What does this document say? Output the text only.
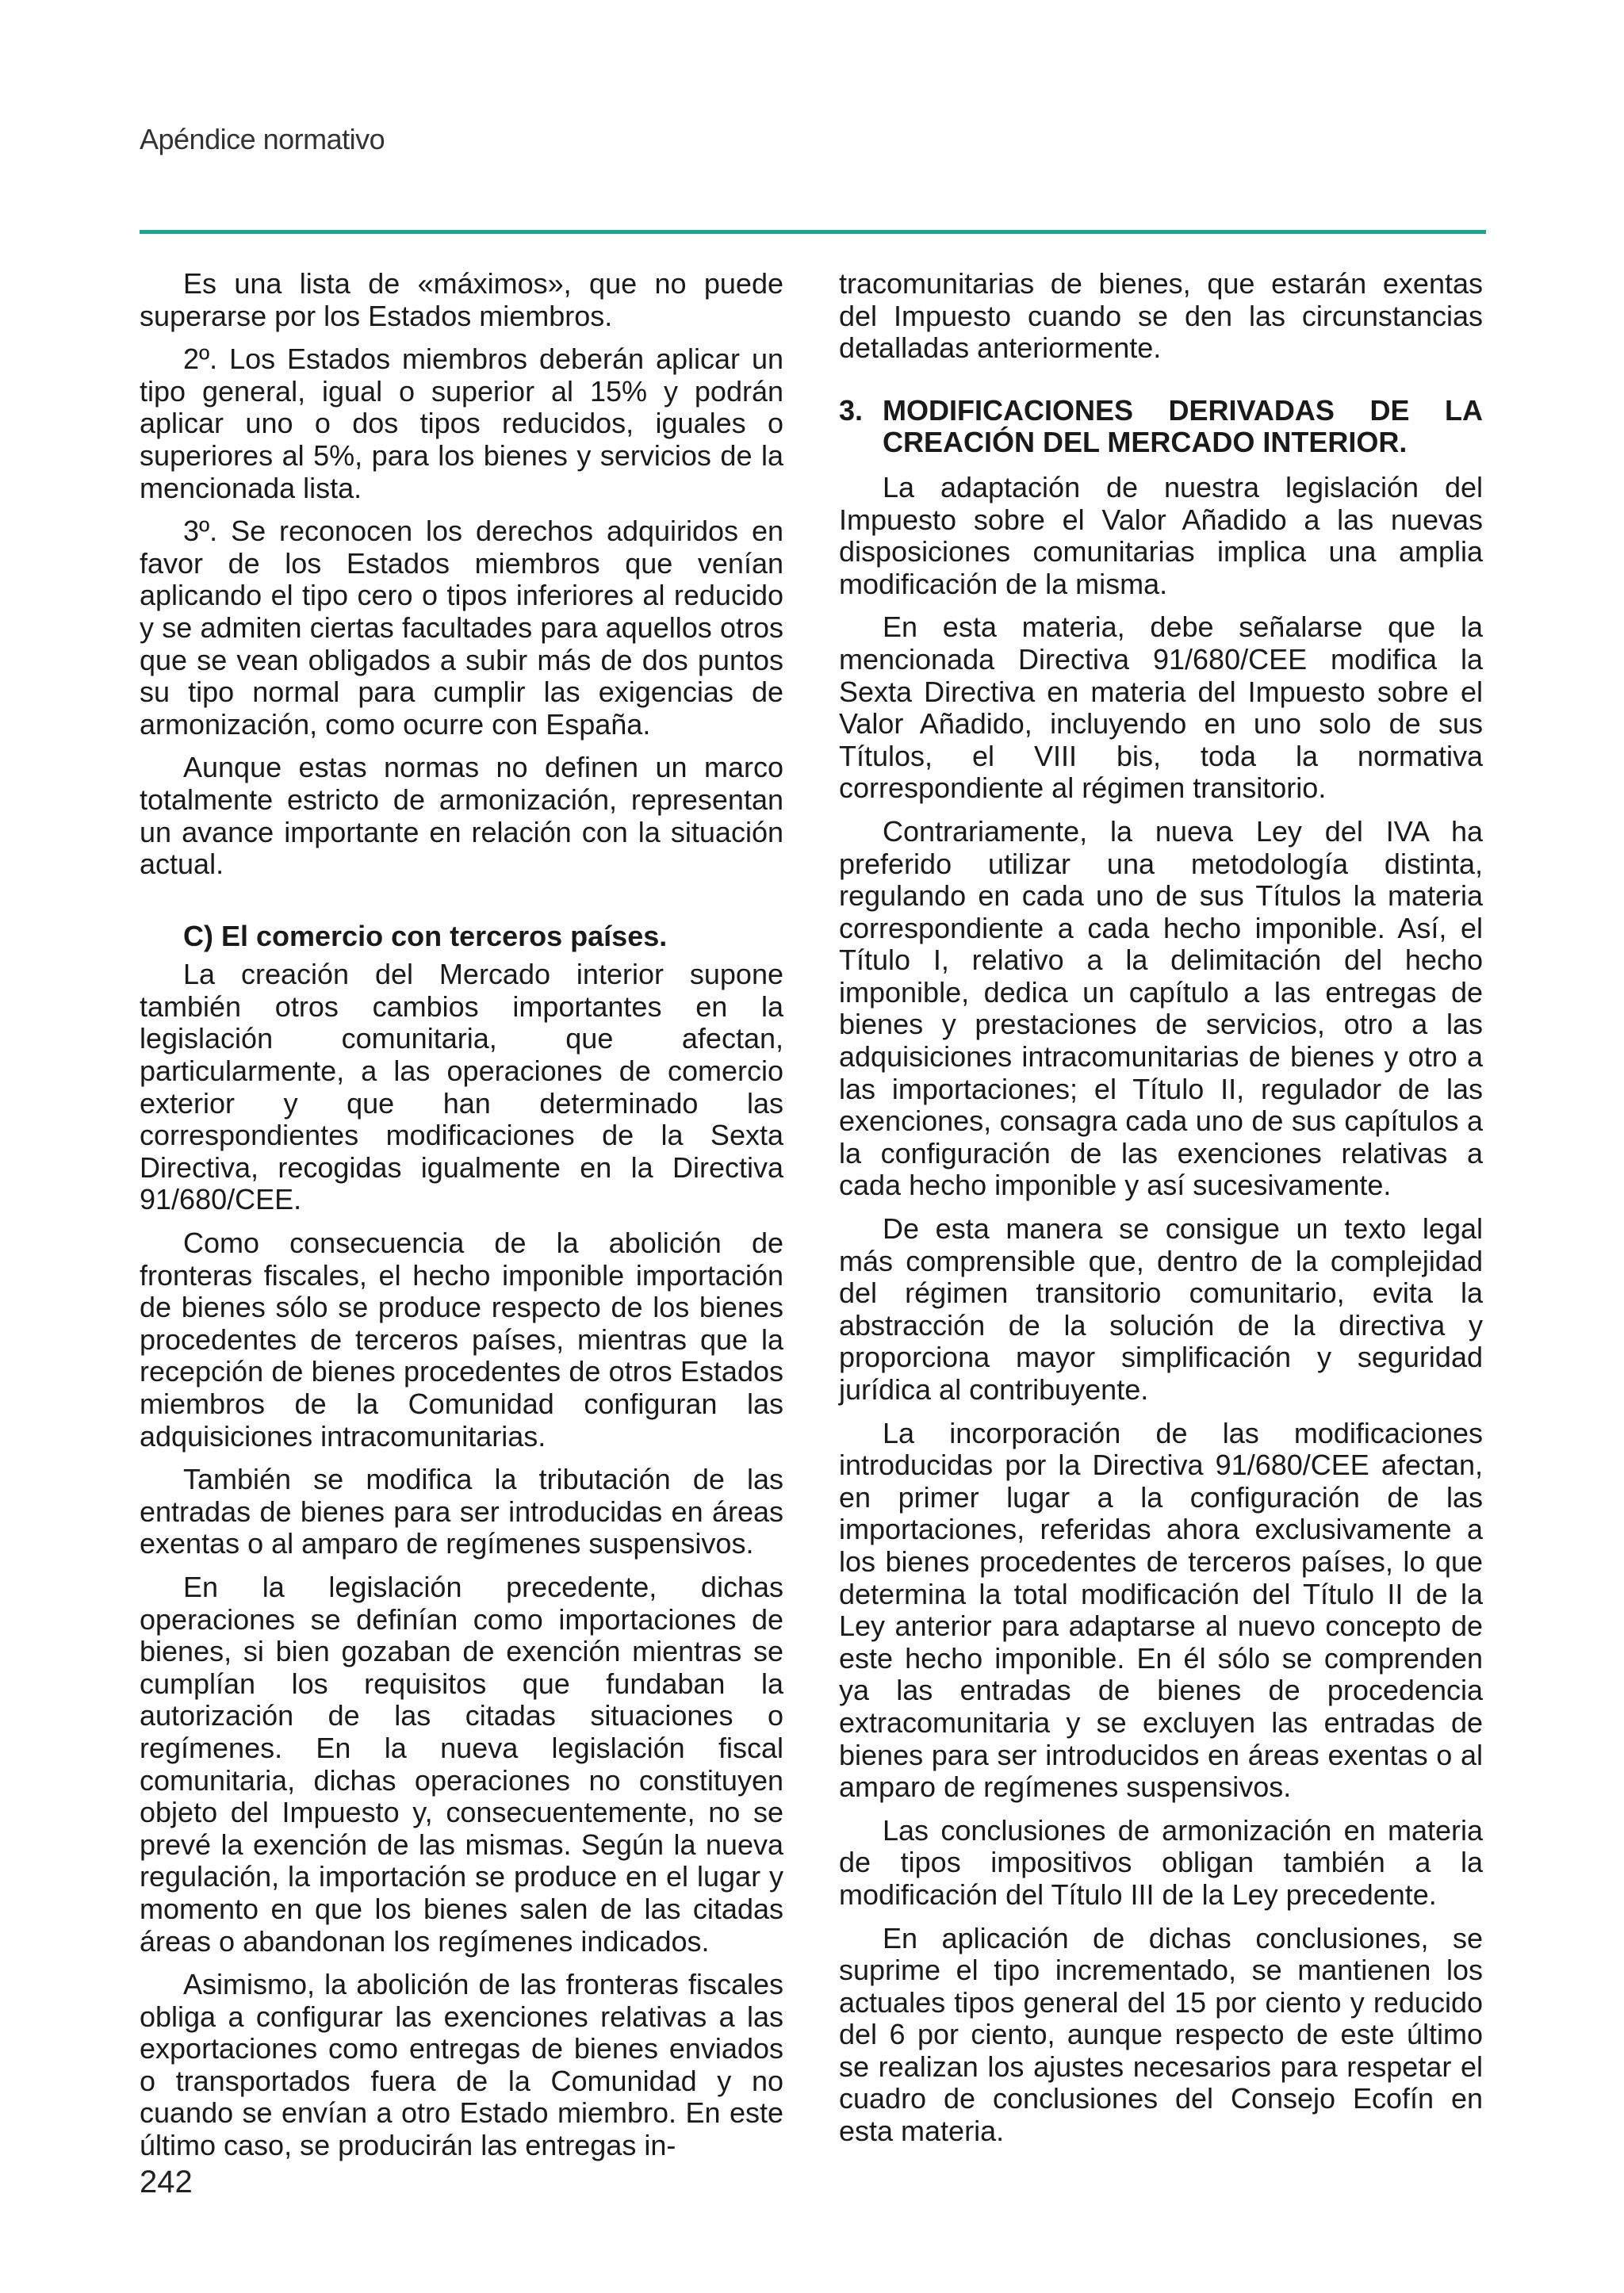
Apéndice normativo

Es una lista de «máximos», que no puede superarse por los Estados miembros.

2º. Los Estados miembros deberán aplicar un tipo general, igual o superior al 15% y podrán aplicar uno o dos tipos reducidos, iguales o superiores al 5%, para los bienes y servicios de la mencionada lista.

3º. Se reconocen los derechos adquiridos en favor de los Estados miembros que venían aplicando el tipo cero o tipos inferiores al reducido y se admiten ciertas facultades para aquellos otros que se vean obligados a subir más de dos puntos su tipo normal para cumplir las exigencias de armonización, como ocurre con España.

Aunque estas normas no definen un marco totalmente estricto de armonización, representan un avance importante en relación con la situación actual.

C) El comercio con terceros países.

La creación del Mercado interior supone también otros cambios importantes en la legislación comunitaria, que afectan, particularmente, a las operaciones de comercio exterior y que han determinado las correspondientes modificaciones de la Sexta Directiva, recogidas igualmente en la Directiva 91/680/CEE.

Como consecuencia de la abolición de fronteras fiscales, el hecho imponible importación de bienes sólo se produce respecto de los bienes procedentes de terceros países, mientras que la recepción de bienes procedentes de otros Estados miembros de la Comunidad configuran las adquisiciones intracomunitarias.

También se modifica la tributación de las entradas de bienes para ser introducidas en áreas exentas o al amparo de regímenes suspensivos.

En la legislación precedente, dichas operaciones se definían como importaciones de bienes, si bien gozaban de exención mientras se cumplían los requisitos que fundaban la autorización de las citadas situaciones o regímenes. En la nueva legislación fiscal comunitaria, dichas operaciones no constituyen objeto del Impuesto y, consecuentemente, no se prevé la exención de las mismas. Según la nueva regulación, la importación se produce en el lugar y momento en que los bienes salen de las citadas áreas o abandonan los regímenes indicados.

Asimismo, la abolición de las fronteras fiscales obliga a configurar las exenciones relativas a las exportaciones como entregas de bienes enviados o transportados fuera de la Comunidad y no cuando se envían a otro Estado miembro. En este último caso, se producirán las entregas in-

tracomunitarias de bienes, que estarán exentas del Impuesto cuando se den las circunstancias detalladas anteriormente.

3. MODIFICACIONES DERIVADAS DE LA CREACIÓN DEL MERCADO INTERIOR.

La adaptación de nuestra legislación del Impuesto sobre el Valor Añadido a las nuevas disposiciones comunitarias implica una amplia modificación de la misma.

En esta materia, debe señalarse que la mencionada Directiva 91/680/CEE modifica la Sexta Directiva en materia del Impuesto sobre el Valor Añadido, incluyendo en uno solo de sus Títulos, el VIII bis, toda la normativa correspondiente al régimen transitorio.

Contrariamente, la nueva Ley del IVA ha preferido utilizar una metodología distinta, regulando en cada uno de sus Títulos la materia correspondiente a cada hecho imponible. Así, el Título I, relativo a la delimitación del hecho imponible, dedica un capítulo a las entregas de bienes y prestaciones de servicios, otro a las adquisiciones intracomunitarias de bienes y otro a las importaciones; el Título II, regulador de las exenciones, consagra cada uno de sus capítulos a la configuración de las exenciones relativas a cada hecho imponible y así sucesivamente.

De esta manera se consigue un texto legal más comprensible que, dentro de la complejidad del régimen transitorio comunitario, evita la abstracción de la solución de la directiva y proporciona mayor simplificación y seguridad jurídica al contribuyente.

La incorporación de las modificaciones introducidas por la Directiva 91/680/CEE afectan, en primer lugar a la configuración de las importaciones, referidas ahora exclusivamente a los bienes procedentes de terceros países, lo que determina la total modificación del Título II de la Ley anterior para adaptarse al nuevo concepto de este hecho imponible. En él sólo se comprenden ya las entradas de bienes de procedencia extracomunitaria y se excluyen las entradas de bienes para ser introducidos en áreas exentas o al amparo de regímenes suspensivos.

Las conclusiones de armonización en materia de tipos impositivos obligan también a la modificación del Título III de la Ley precedente.

En aplicación de dichas conclusiones, se suprime el tipo incrementado, se mantienen los actuales tipos general del 15 por ciento y reducido del 6 por ciento, aunque respecto de este último se realizan los ajustes necesarios para respetar el cuadro de conclusiones del Consejo Ecofín en esta materia.

242
